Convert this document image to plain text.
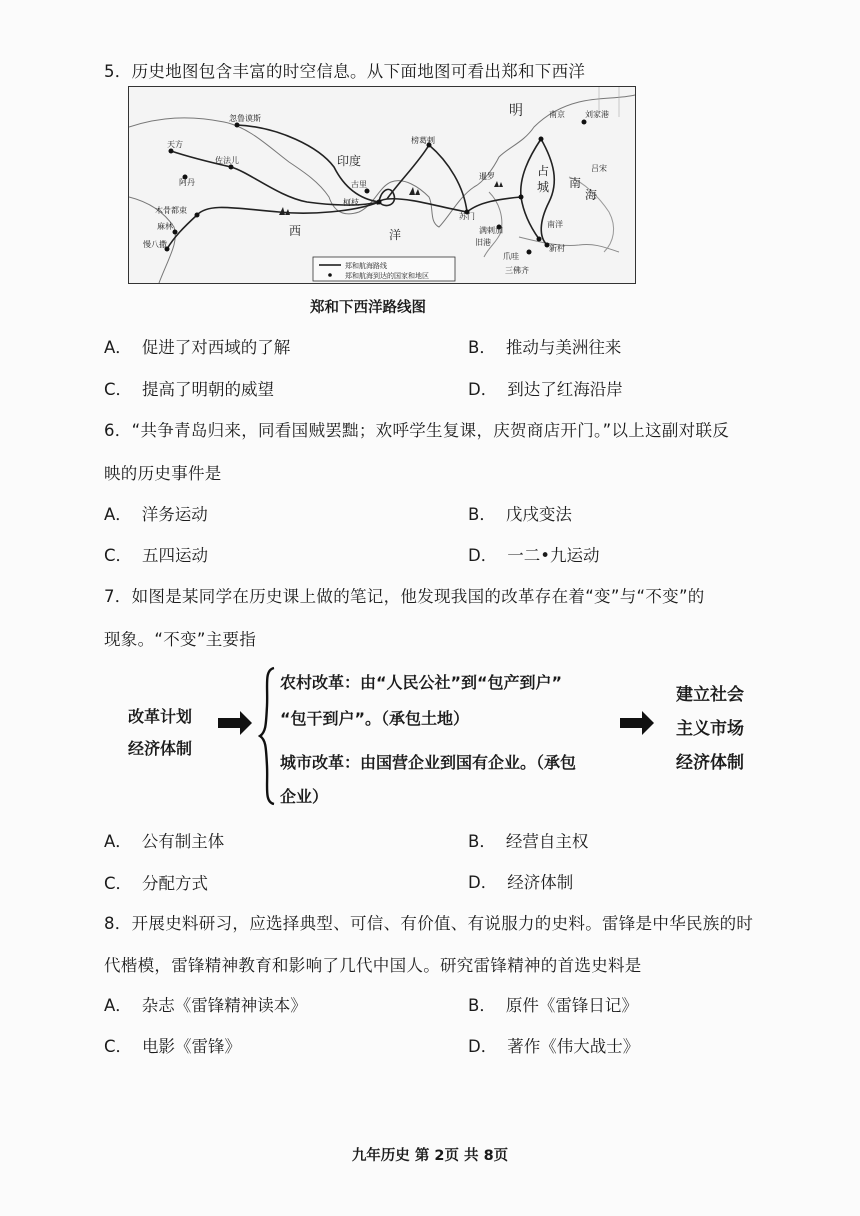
5．历史地图包含丰富的时空信息。从下面地图可看出郑和下西洋
忽鲁谟斯
天方
佐法儿
阿丹
木骨都束
麻林
慢八撒
古里
柯枝
榜葛剌
南京	刘家港
暹罗
苏门
满剌加
旧港
爪哇
三佛齐
新村
吕宋
南洋
印度
西	洋
明
占
城 南
海
郑和航海路线
郑和航海到达的国家和地区
郑和下西洋路线图
A． 促进了对西域的了解	B． 推动与美洲往来
C． 提高了明朝的威望	D． 到达了红海沿岸
6．“共争青岛归来，同看国贼罢黜；欢呼学生复课，庆贺商店开门。”以上这副对联反
映的历史事件是
A． 洋务运动	B． 戊戌变法
C． 五四运动	D． 一二•九运动
7．如图是某同学在历史课上做的笔记，他发现我国的改革存在着“变”与“不变”的
现象。“不变”主要指
改革计划
经济体制
农村改革：由“人民公社”到“包产到户”
“包干到户”。（承包土地）
城市改革：由国营企业到国有企业。（承包
企业）
建立社会
主义市场
经济体制
A． 公有制主体	B． 经营自主权
C． 分配方式	D． 经济体制
8．开展史料研习，应选择典型、可信、有价值、有说服力的史料。雷锋是中华民族的时
代楷模，雷锋精神教育和影响了几代中国人。研究雷锋精神的首选史料是
A． 杂志《雷锋精神读本》	B． 原件《雷锋日记》
C． 电影《雷锋》	D． 著作《伟大战士》
九年历史 第 2页 共 8页
